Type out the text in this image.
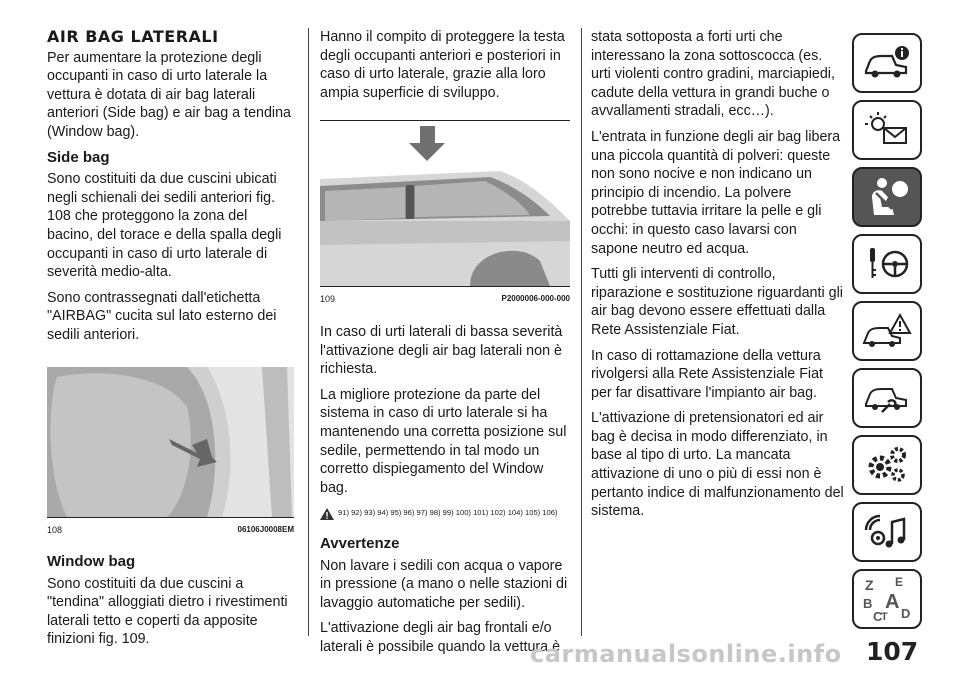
AIR BAG LATERALI

Per aumentare la protezione degli occupanti in caso di urto laterale la vettura è dotata di air bag laterali anteriori (Side bag) e air bag a tendina (Window bag).

Side bag

Sono costituiti da due cuscini ubicati negli schienali dei sedili anteriori fig. 108 che proteggono la zona del bacino, del torace e della spalla degli occupanti in caso di urto laterale di severità medio-alta.

Sono contrassegnati dall'etichetta "AIRBAG" cucita sul lato esterno dei sedili anteriori.

108	06106J0008EM
Window bag

Sono costituiti da due cuscini a "tendina" alloggiati dietro i rivestimenti laterali tetto e coperti da apposite finizioni fig. 109.

Hanno il compito di proteggere la testa degli occupanti anteriori e posteriori in caso di urto laterale, grazie alla loro ampia superficie di sviluppo.

109	P2000006-000-000

In caso di urti laterali di bassa severità l'attivazione degli air bag laterali non è richiesta.

La migliore protezione da parte del sistema in caso di urto laterale si ha mantenendo una corretta posizione sul sedile, permettendo in tal modo un corretto dispiegamento del Window bag.

91) 92) 93) 94) 95) 96) 97) 98) 99) 100) 101) 102) 104) 105) 106)
Avvertenze

Non lavare i sedili con acqua o vapore in pressione (a mano o nelle stazioni di lavaggio automatiche per sedili).

L'attivazione degli air bag frontali e/o laterali è possibile quando la vettura è

stata sottoposta a forti urti che interessano la zona sottoscocca (es. urti violenti contro gradini, marciapiedi, cadute della vettura in grandi buche o avvallamenti stradali, ecc…).

L'entrata in funzione degli air bag libera una piccola quantità di polveri: queste non sono nocive e non indicano un principio di incendio. La polvere potrebbe tuttavia irritare la pelle e gli occhi: in questo caso lavarsi con sapone neutro ed acqua.

Tutti gli interventi di controllo, riparazione e sostituzione riguardanti gli air bag devono essere effettuati dalla Rete Assistenziale Fiat.

In caso di rottamazione della vettura rivolgersi alla Rete Assistenziale Fiat per far disattivare l'impianto air bag.

L'attivazione di pretensionatori ed air bag è decisa in modo differenziato, in base al tipo di urto. La mancata attivazione di uno o più di essi non è pertanto indice di malfunzionamento del sistema.

Z E
B A
C
T D
carmanualsonline.info 107
